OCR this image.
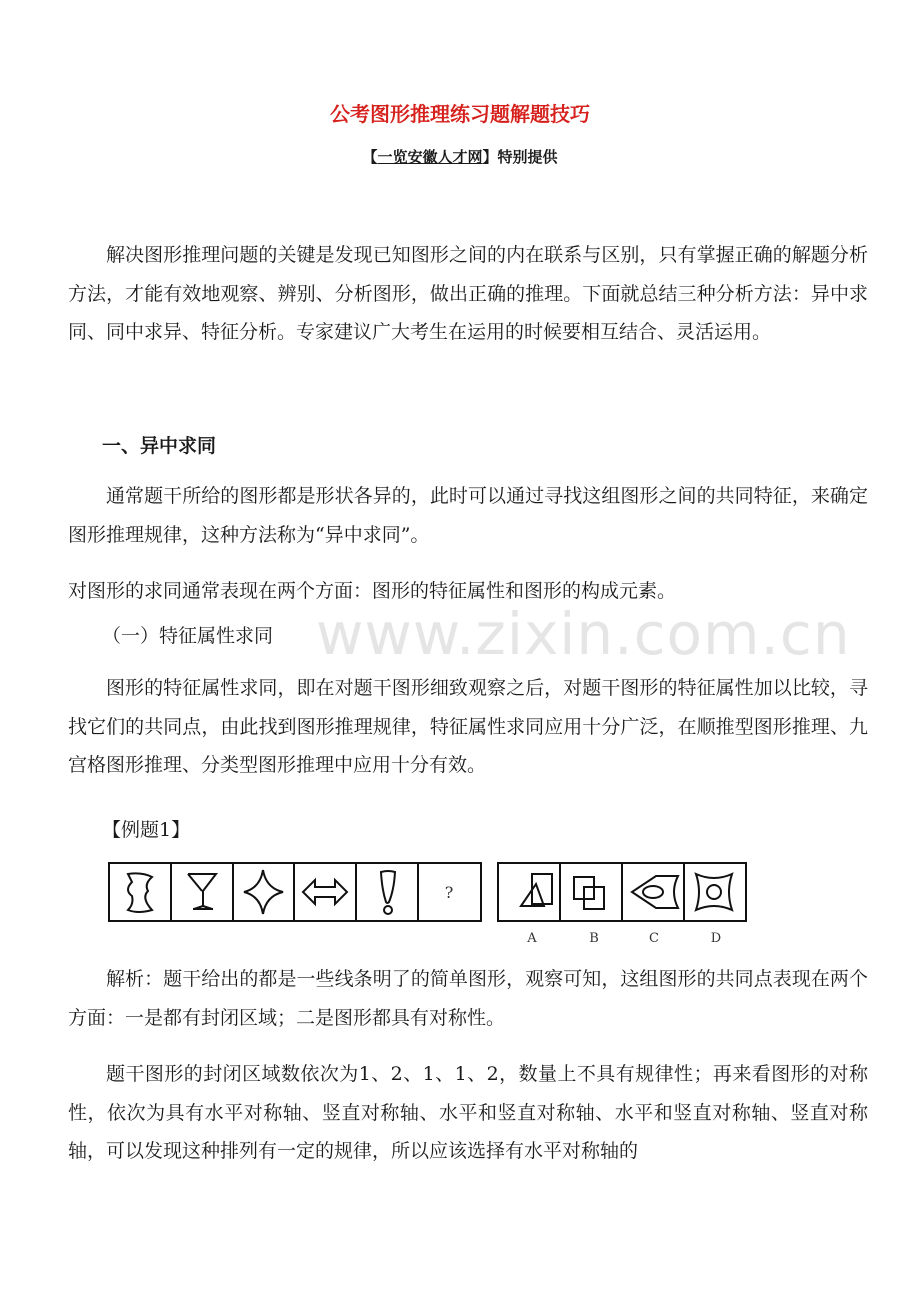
公考图形推理练习题解题技巧
【一览安徽人才网】特别提供

解决图形推理问题的关键是发现已知图形之间的内在联系与区别，只有掌握正确的解题分析方法，才能有效地观察、辨别、分析图形，做出正确的推理。下面就总结三种分析方法：异中求同、同中求异、特征分析。专家建议广大考生在运用的时候要相互结合、灵活运用。

一、异中求同

通常题干所给的图形都是形状各异的，此时可以通过寻找这组图形之间的共同特征，来确定图形推理规律，这种方法称为“异中求同”。

对图形的求同通常表现在两个方面：图形的特征属性和图形的构成元素。

www.zixin.com.cn
（一）特征属性求同

图形的特征属性求同，即在对题干图形细致观察之后，对题干图形的特征属性加以比较，寻找它们的共同点，由此找到图形推理规律，特征属性求同应用十分广泛，在顺推型图形推理、九宫格图形推理、分类型图形推理中应用十分有效。

【例题1】
?
A	B	C	D

解析：题干给出的都是一些线条明了的简单图形，观察可知，这组图形的共同点表现在两个方面：一是都有封闭区域；二是图形都具有对称性。

题干图形的封闭区域数依次为1、2、1、1、2，数量上不具有规律性；再来看图形的对称性，依次为具有水平对称轴、竖直对称轴、水平和竖直对称轴、水平和竖直对称轴、竖直对称轴，可以发现这种排列有一定的规律，所以应该选择有水平对称轴的
